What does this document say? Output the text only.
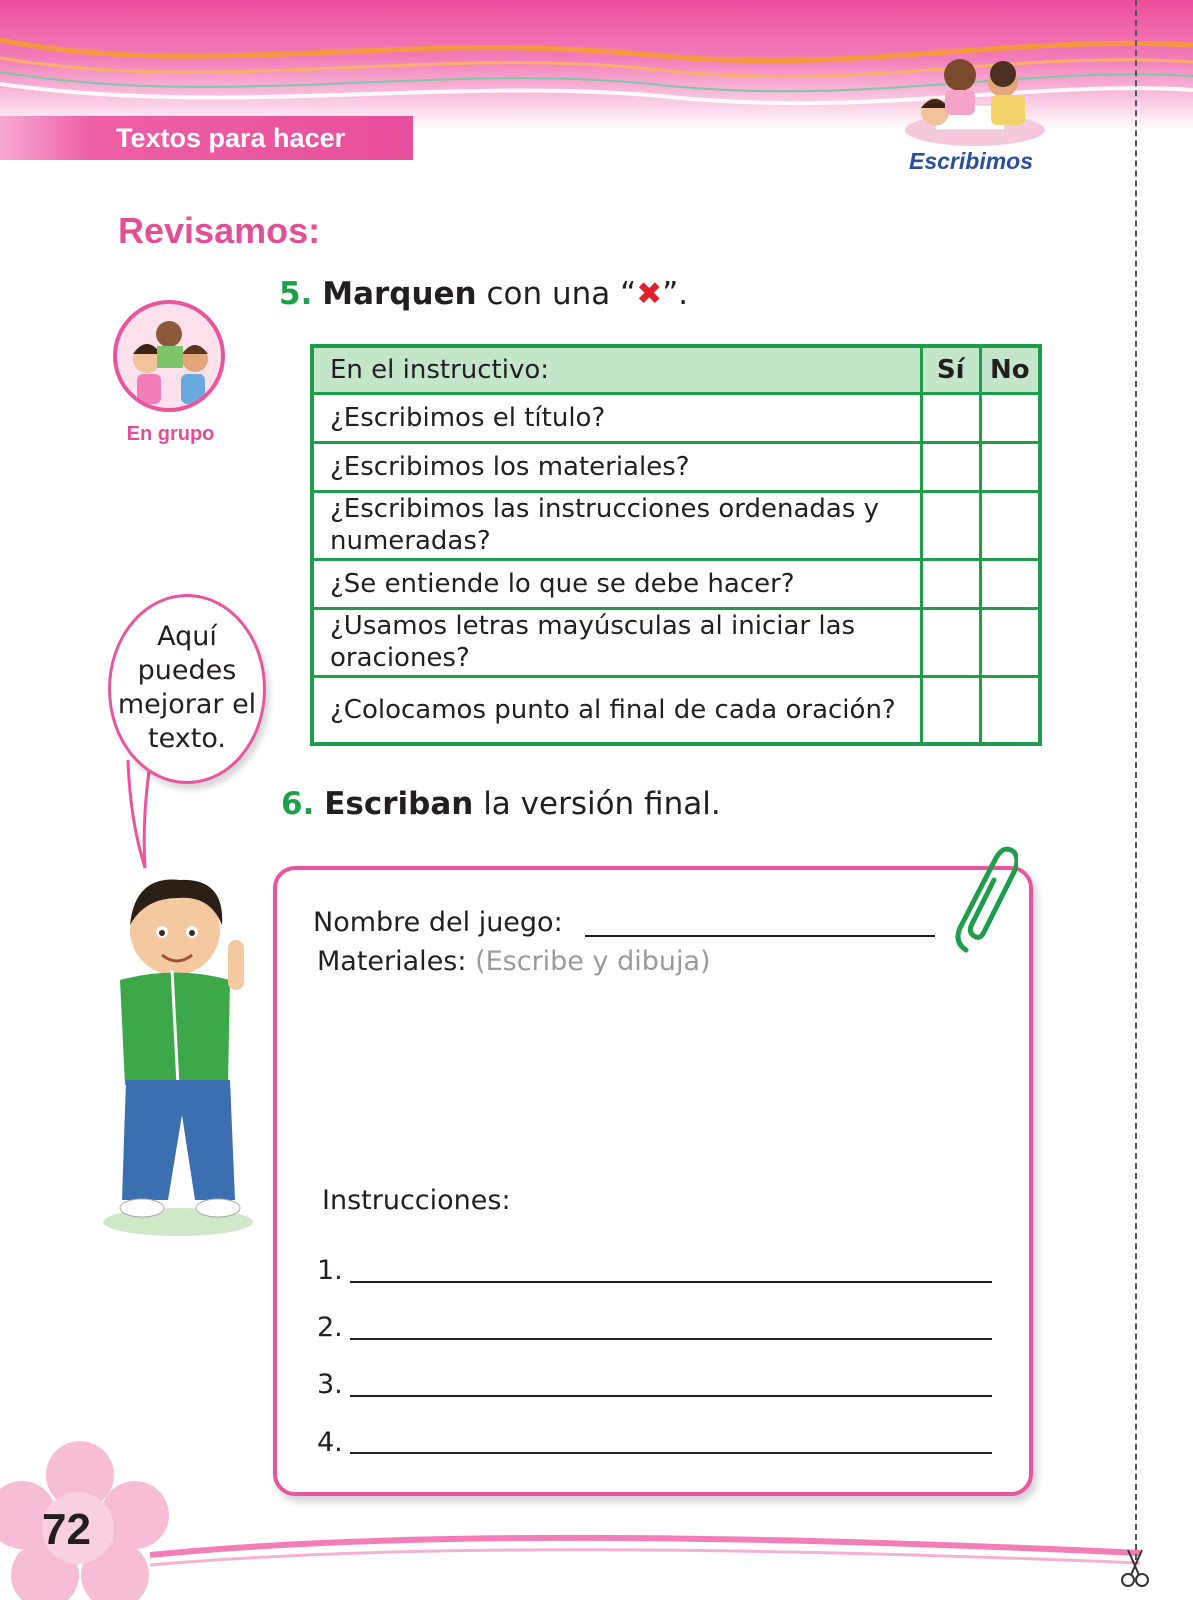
Textos para hacer
Escribimos
Revisamos:
5. Marquen con una “✖”.
En grupo
En el instructivo:	Sí	No
¿Escribimos el título?		
¿Escribimos los materiales?		
¿Escribimos las instrucciones ordenadas y numeradas?		
¿Se entiende lo que se debe hacer?		
¿Usamos letras mayúsculas al iniciar las oraciones?		
¿Colocamos punto al final de cada oración?		
Aquí puedes mejorar el texto.
6. Escriban la versión final.
Nombre del juego:
Materiales: (Escribe y dibuja)
Instrucciones:
1.
2.
3.
4.
72
